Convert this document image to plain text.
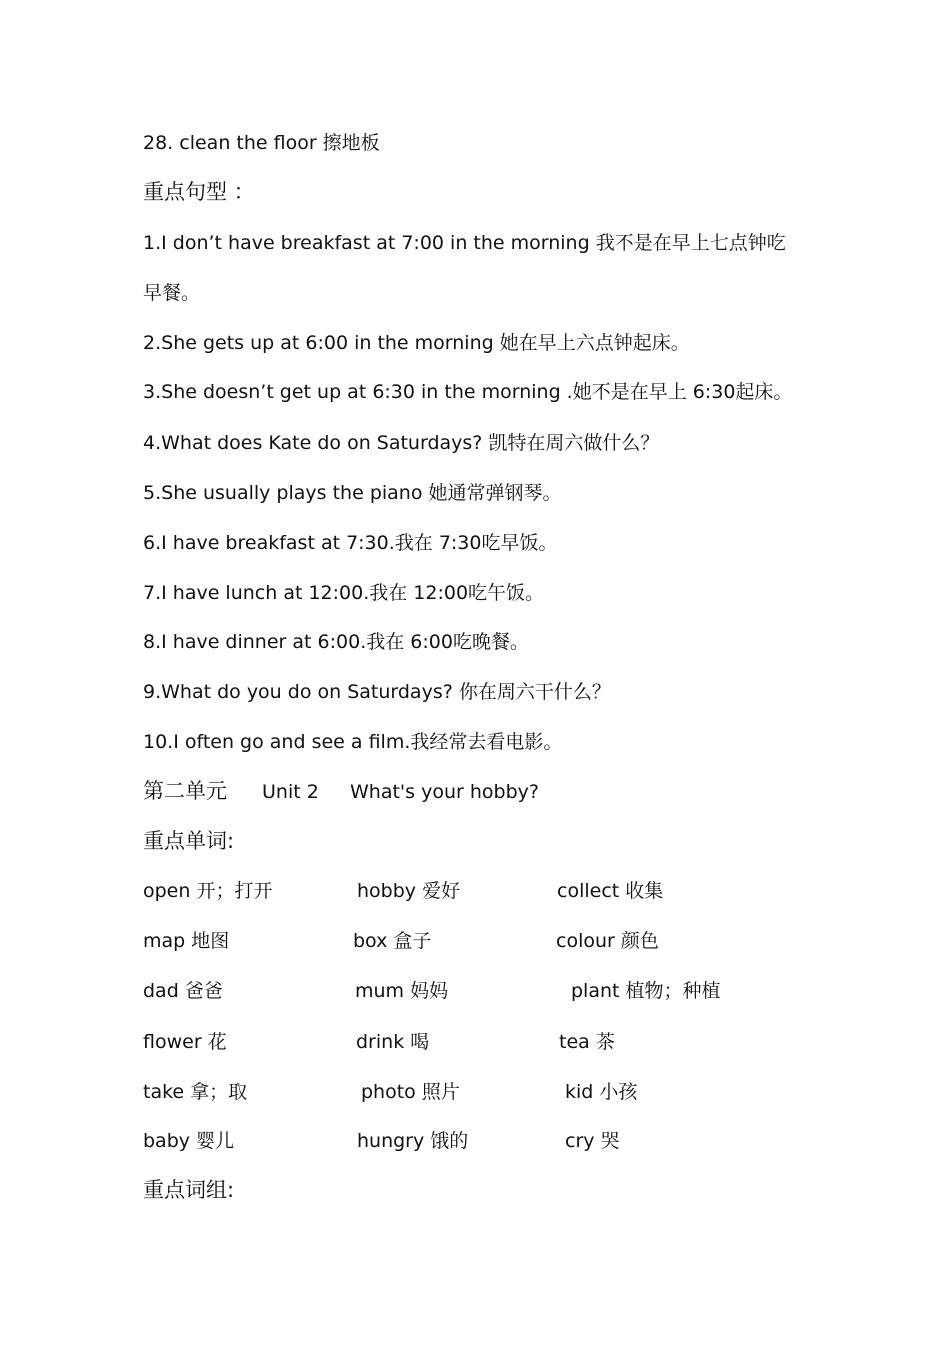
28. clean the floor 擦地板
重点句型 ：
1.I don’t have breakfast at 7:00 in the morning 我不是在早上七点钟吃
早餐。
2.She gets up at 6:00 in the morning 她在早上六点钟起床。
3.She doesn’t get up at 6:30 in the morning .她不是在早上 6:30起床。
4.What does Kate do on Saturdays? 凯特在周六做什么？
5.She usually plays the piano 她通常弹钢琴。
6.I have breakfast at 7:30.我在 7:30吃早饭。
7.I have lunch at 12:00.我在 12:00吃午饭。
8.I have dinner at 6:00.我在 6:00吃晚餐。
9.What do you do on Saturdays? 你在周六干什么？
10.I often go and see a film.我经常去看电影。
第二单元 Unit 2 What's your hobby?
重点单词:
open 开；打开	hobby 爱好	collect 收集
map 地图	box 盒子	colour 颜色
dad 爸爸	mum 妈妈	plant 植物；种植
flower 花	drink 喝	tea 茶
take 拿；取	photo 照片	kid 小孩
baby 婴儿	hungry 饿的	cry 哭
重点词组:
